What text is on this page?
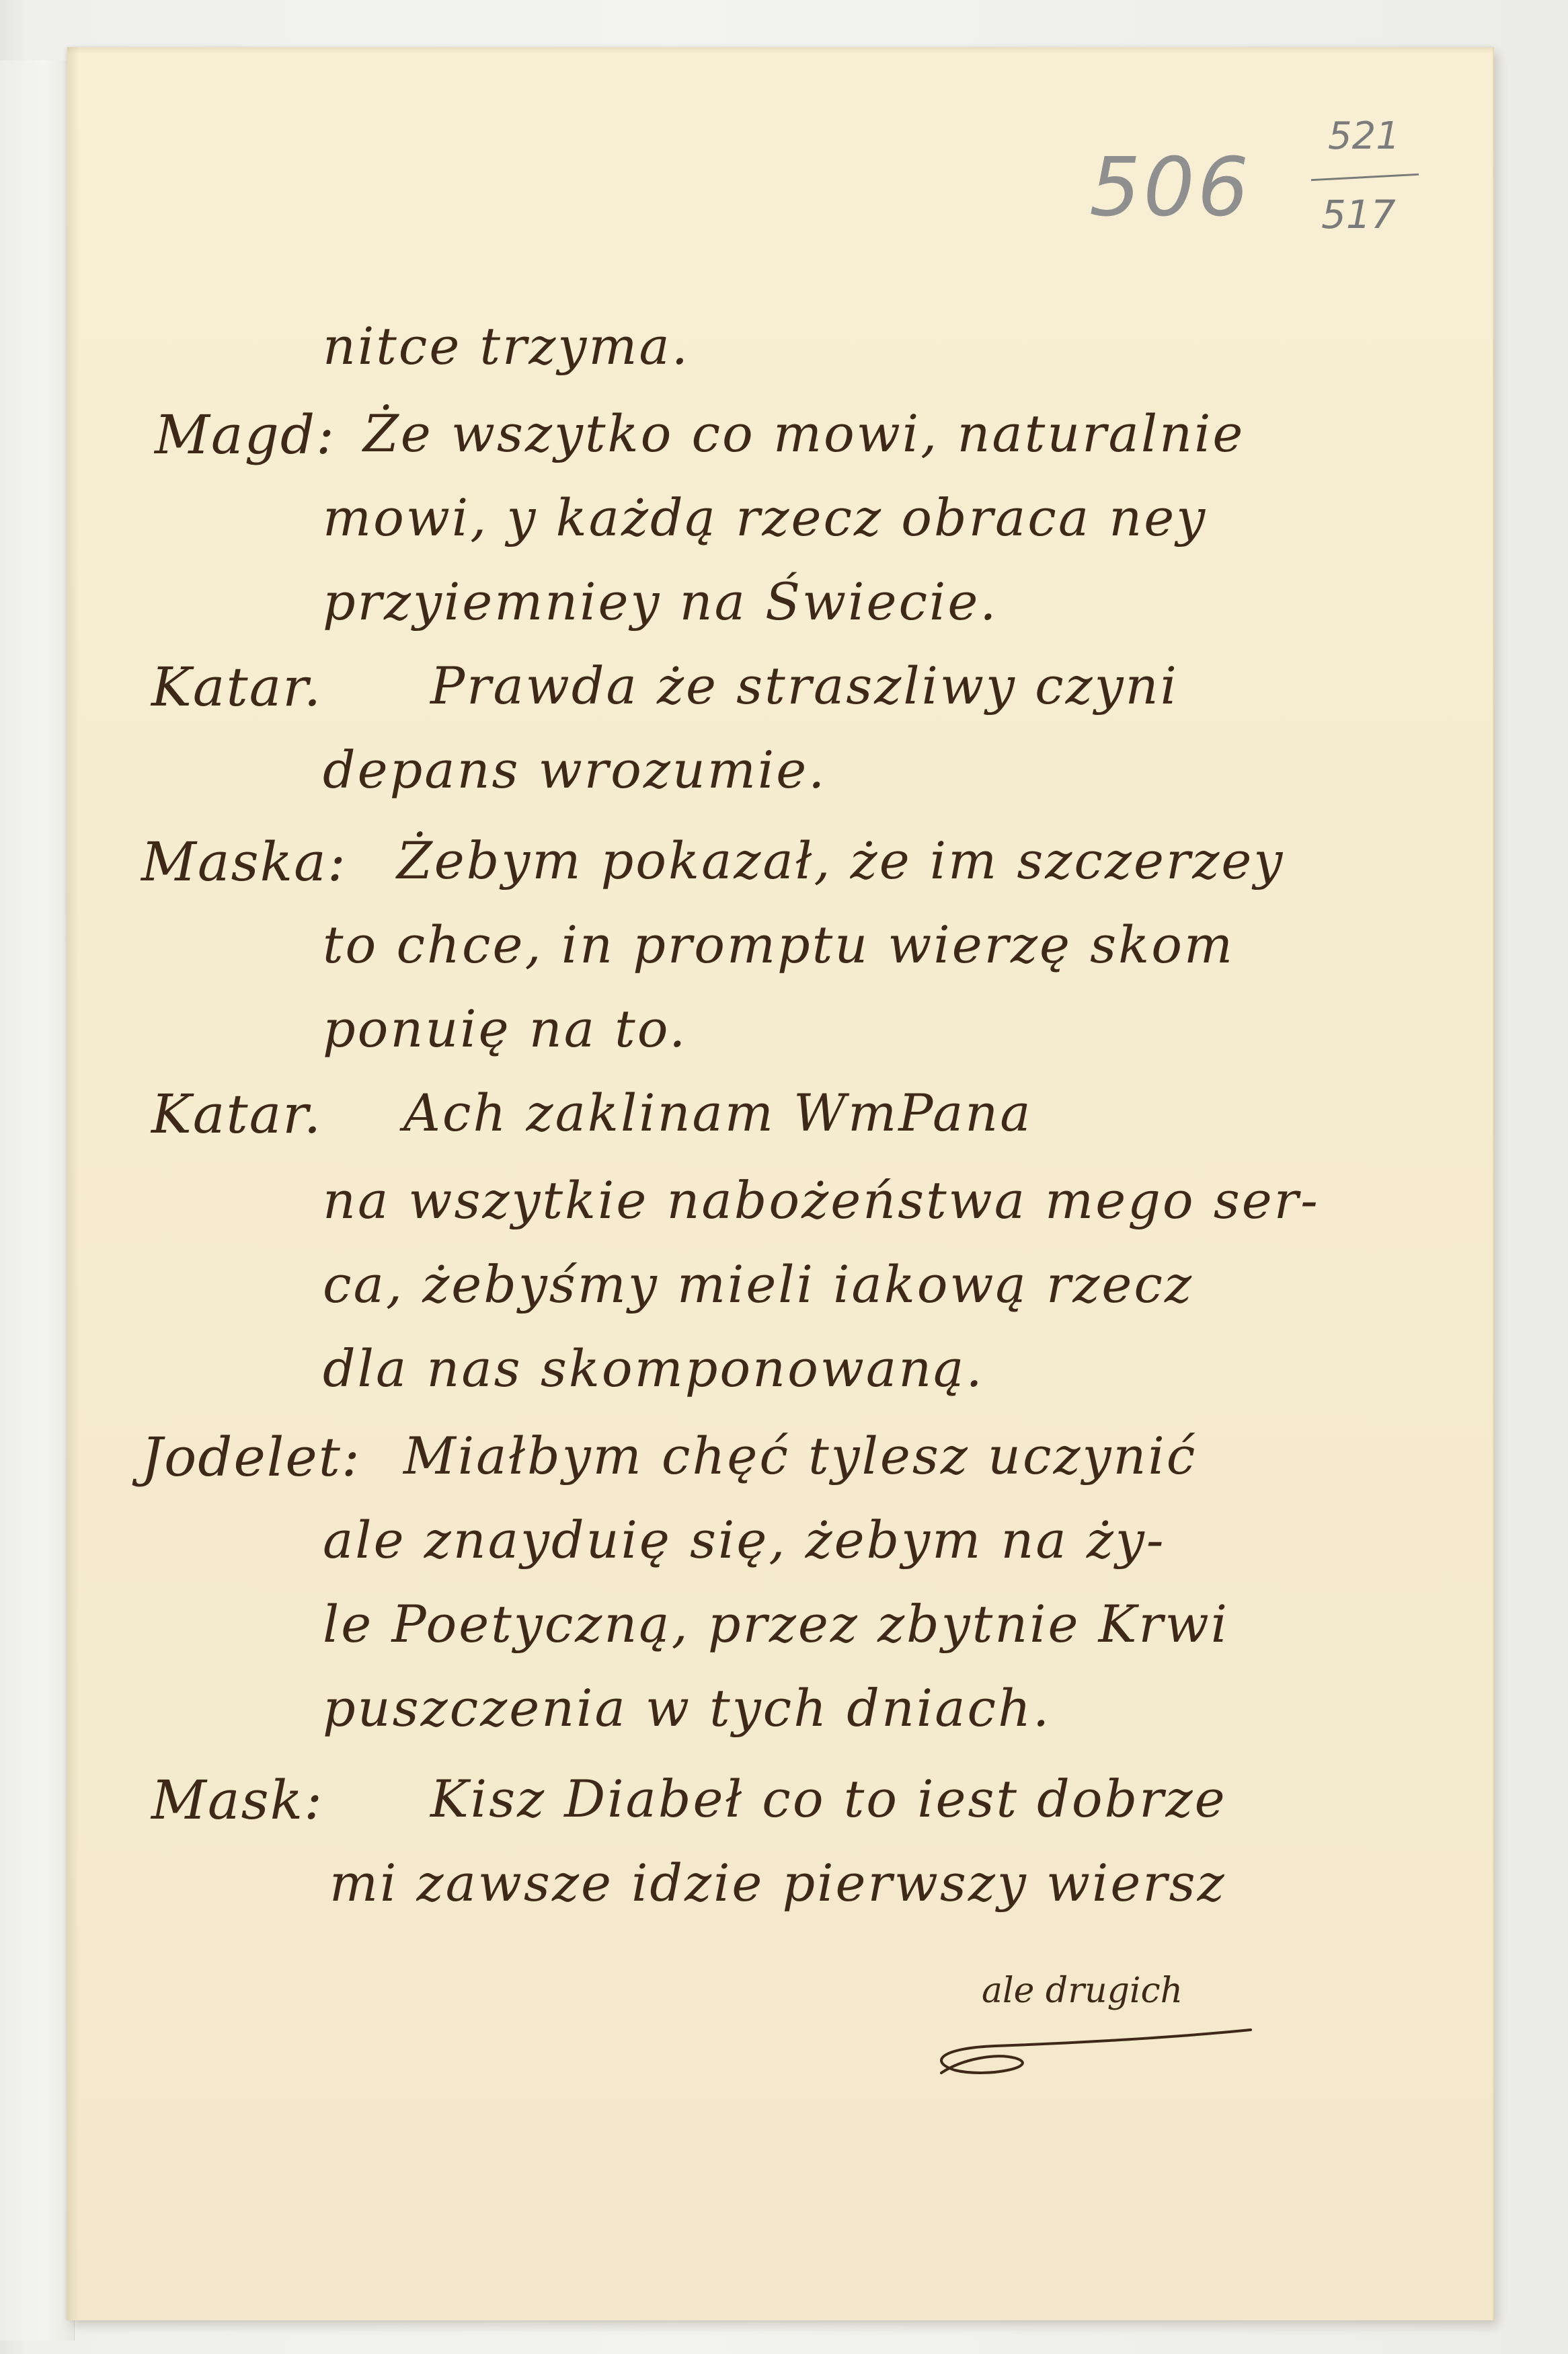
506
521
517
nitce trzyma.
Magd: Że wszytko co mowi, naturalnie
mowi, y każdą rzecz obraca ney
przyiemniey na Świecie.
Katar. Prawda że straszliwy czyni
depans wrozumie.
Maska: Żebym pokazał, że im szczerzey
to chce, in promptu wierzę skom
ponuię na to.
Katar. Ach zaklinam WmPana
na wszytkie nabożeństwa mego ser-
ca, żebyśmy mieli iakową rzecz
dla nas skomponowaną.
Jodelet: Miałbym chęć tylesz uczynić
ale znayduię się, żebym na ży-
le Poetyczną, przez zbytnie Krwi
puszczenia w tych dniach.
Mask: Kisz Diabeł co to iest dobrze
mi zawsze idzie pierwszy wiersz
ale drugich
